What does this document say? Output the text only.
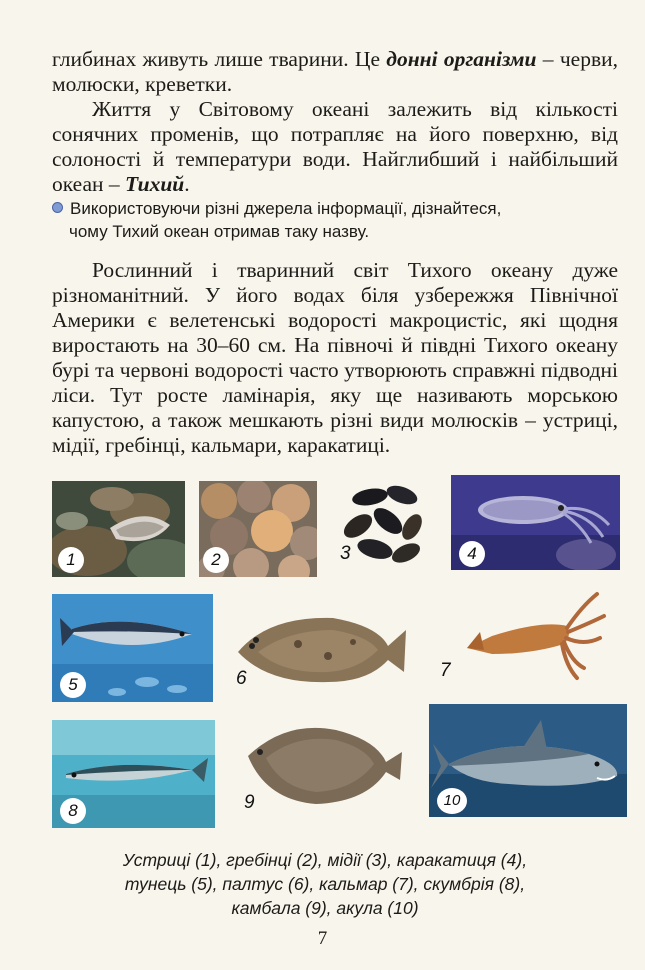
глибинах живуть лише тварини. Це донні організми – черви, молюски, креветки.

Життя у Світовому океані залежить від кількості сонячних променів, що потрапляє на його поверхню, від солоності й температури води. Найглибший і найбільший океан – Тихий.

Використовуючи різні джерела інформації, дізнайтеся,
чому Тихий океан отримав таку назву.

Рослинний і тваринний світ Тихого океану дуже різноманітний. У його водах біля узбережжя Північної Америки є велетенські водорості макроцистіс, які щодня виростають на 30–60 см. На півночі й півдні Тихого океану бурі та червоні водорості часто утворюють справжні підводні ліси. Тут росте ламінарія, яку ще називають морською капустою, а також мешкають різні види молюсків – устриці, мідії, гребінці, кальмари, каракатиці.

1	2	3	4
5	6	7
8	9	10
Устриці (1), гребінці (2), мідії (3), каракатиця (4),
тунець (5), палтус (6), кальмар (7), скумбрія (8),
камбала (9), акула (10)
7
